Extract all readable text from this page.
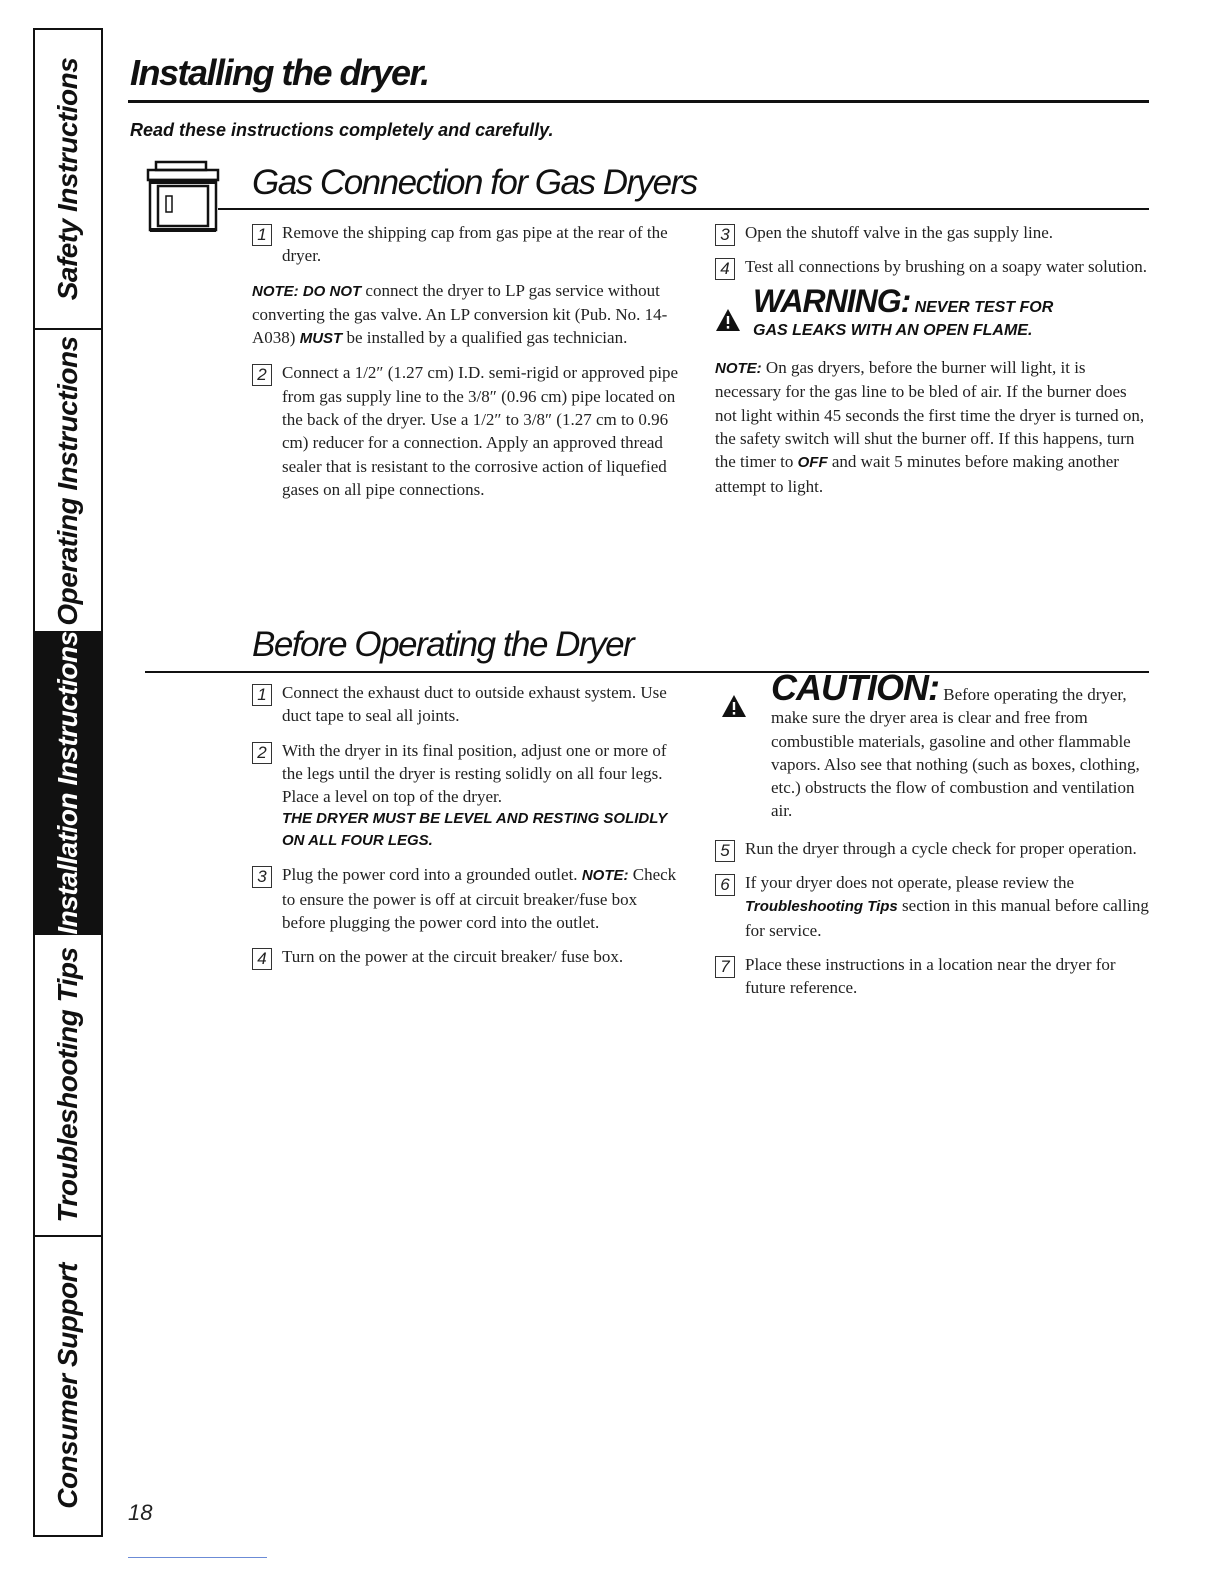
Safety Instructions
Operating Instructions
Installation Instructions
Troubleshooting Tips
Consumer Support
Installing the dryer.
Read these instructions completely and carefully.
Gas Connection for Gas Dryers
1 Remove the shipping cap from gas pipe at the rear of the dryer.
NOTE: DO NOT connect the dryer to LP gas service without converting the gas valve. An LP conversion kit (Pub. No. 14-A038) MUST be installed by a qualified gas technician.
2 Connect a 1/2″ (1.27 cm) I.D. semi-rigid or approved pipe from gas supply line to the 3/8″ (0.96 cm) pipe located on the back of the dryer. Use a 1/2″ to 3/8″ (1.27 cm to 0.96 cm) reducer for a connection. Apply an approved thread sealer that is resistant to the corrosive action of liquefied gases on all pipe connections.
3 Open the shutoff valve in the gas supply line.
4 Test all connections by brushing on a soapy water solution.
WARNING: NEVER TEST FOR
GAS LEAKS WITH AN OPEN FLAME.
NOTE: On gas dryers, before the burner will light, it is necessary for the gas line to be bled of air. If the burner does not light within 45 seconds the first time the dryer is turned on, the safety switch will shut the burner off. If this happens, turn the timer to OFF and wait 5 minutes before making another attempt to light.
Before Operating the Dryer
1 Connect the exhaust duct to outside exhaust system. Use duct tape to seal all joints.
2 With the dryer in its final position, adjust one or more of the legs until the dryer is resting solidly on all four legs. Place a level on top of the dryer.
THE DRYER MUST BE LEVEL AND RESTING SOLIDLY ON ALL FOUR LEGS.
3 Plug the power cord into a grounded outlet. NOTE: Check to ensure the power is off at circuit breaker/fuse box before plugging the power cord into the outlet.
4 Turn on the power at the circuit breaker/ fuse box.
CAUTION: Before operating the dryer, make sure the dryer area is clear and free from combustible materials, gasoline and other flammable vapors. Also see that nothing (such as boxes, clothing, etc.) obstructs the flow of combustion and ventilation air.
5 Run the dryer through a cycle check for proper operation.
6 If your dryer does not operate, please review the Troubleshooting Tips section in this manual before calling for service.
7 Place these instructions in a location near the dryer for future reference.
18
